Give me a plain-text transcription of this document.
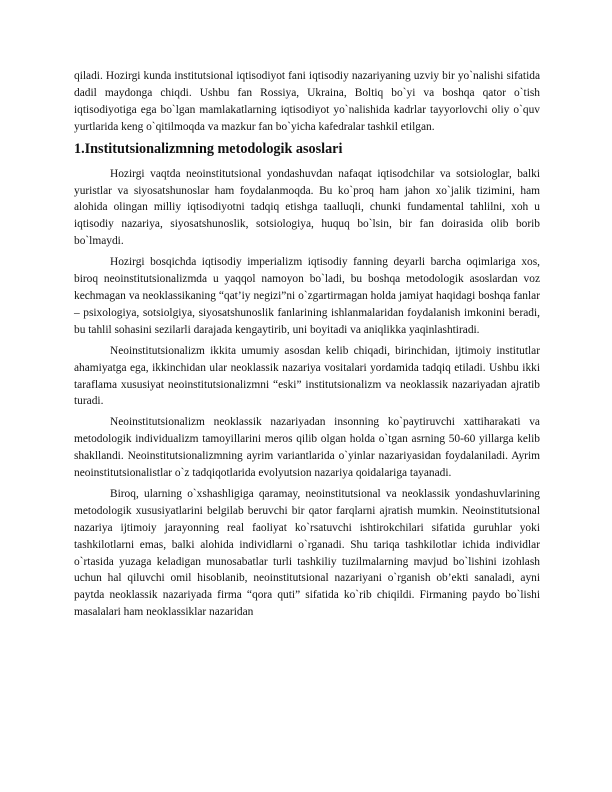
qiladi. Hozirgi kunda institutsional iqtisodiyot fani iqtisodiy nazariyaning uzviy bir yo`nalishi sifatida dadil maydonga chiqdi. Ushbu fan Rossiya, Ukraina, Boltiq bo`yi va boshqa qator o`tish iqtisodiyotiga ega bo`lgan mamlakatlarning iqtisodiyot yo`nalishida kadrlar tayyorlovchi oliy o`quv yurtlarida keng o`qitilmoqda va mazkur fan bo`yicha kafedralar tashkil etilgan.

1.Institutsionalizmning metodologik asoslari

Hozirgi vaqtda neoinstitutsional yondashuvdan nafaqat iqtisodchilar va sotsiologlar, balki yuristlar va siyosatshunoslar ham foydalanmoqda. Bu ko`proq ham jahon xo`jalik tizimini, ham alohida olingan milliy iqtisodiyotni tadqiq etishga taalluqli, chunki fundamental tahlilni, xoh u iqtisodiy nazariya, siyosatshunoslik, sotsiologiya, huquq bo`lsin, bir fan doirasida olib borib bo`lmaydi.

Hozirgi bosqichda iqtisodiy imperializm iqtisodiy fanning deyarli barcha oqimlariga xos, biroq neoinstitutsionalizmda u yaqqol namoyon bo`ladi, bu boshqa metodologik asoslardan voz kechmagan va neoklassikaning “qat’iy negizi”ni o`zgartirmagan holda jamiyat haqidagi boshqa fanlar – psixologiya, sotsiolgiya, siyosatshunoslik fanlarining ishlanmalaridan foydalanish imkonini beradi, bu tahlil sohasini sezilarli darajada kengaytirib, uni boyitadi va aniqlikka yaqinlashtiradi.

Neoinstitutsionalizm ikkita umumiy asosdan kelib chiqadi, birinchidan, ijtimoiy institutlar ahamiyatga ega, ikkinchidan ular neoklassik nazariya vositalari yordamida tadqiq etiladi. Ushbu ikki taraflama xususiyat neoinstitutsionalizmni “eski” institutsionalizm va neoklassik nazariyadan ajratib turadi.

Neoinstitutsionalizm neoklassik nazariyadan insonning ko`paytiruvchi xattiharakati va metodologik individualizm tamoyillarini meros qilib olgan holda o`tgan asrning 50-60 yillarga kelib shakllandi. Neoinstitutsionalizmning ayrim variantlarida o`yinlar nazariyasidan foydalaniladi. Ayrim neoinstitutsionalistlar o`z tadqiqotlarida evolyutsion nazariya qoidalariga tayanadi.

Biroq, ularning o`xshashligiga qaramay, neoinstitutsional va neoklassik yondashuvlarining metodologik xususiyatlarini belgilab beruvchi bir qator farqlarni ajratish mumkin. Neoinstitutsional nazariya ijtimoiy jarayonning real faoliyat ko`rsatuvchi ishtirokchilari sifatida guruhlar yoki tashkilotlarni emas, balki alohida individlarni o`rganadi. Shu tariqa tashkilotlar ichida individlar o`rtasida yuzaga keladigan munosabatlar turli tashkiliy tuzilmalarning mavjud bo`lishini izohlash uchun hal qiluvchi omil hisoblanib, neoinstitutsional nazariyani o`rganish ob’ekti sanaladi, ayni paytda neoklassik nazariyada firma “qora quti” sifatida ko`rib chiqildi. Firmaning paydo bo`lishi masalalari ham neoklassiklar nazaridan
